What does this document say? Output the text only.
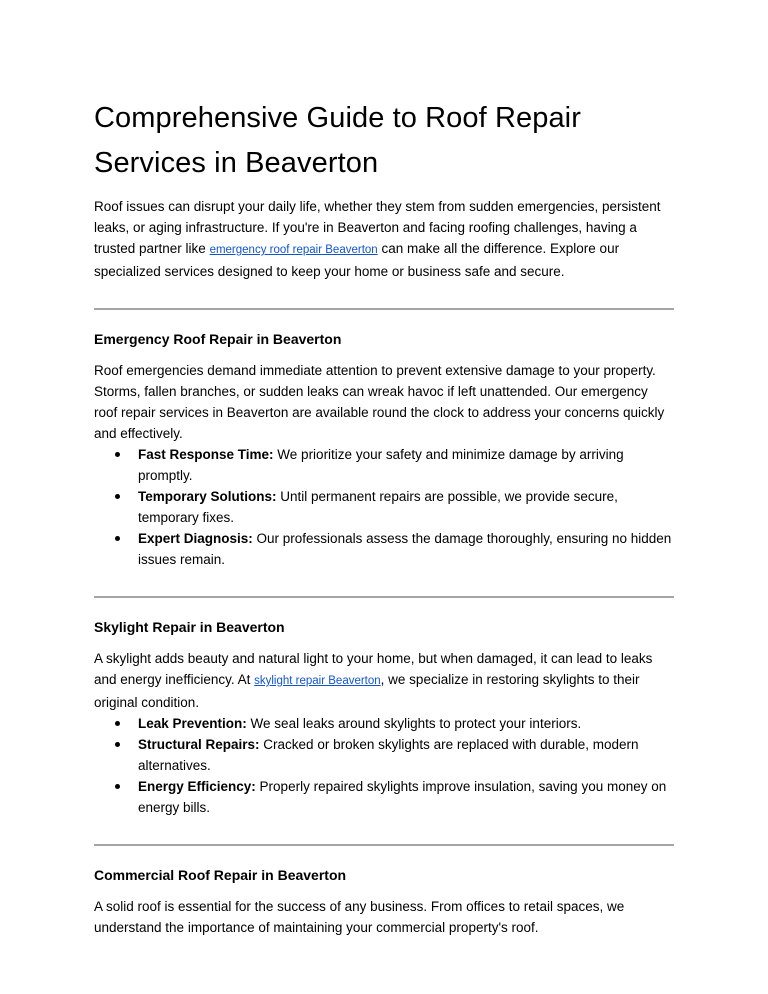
Comprehensive Guide to Roof Repair Services in Beaverton

Roof issues can disrupt your daily life, whether they stem from sudden emergencies, persistent leaks, or aging infrastructure. If you're in Beaverton and facing roofing challenges, having a trusted partner like emergency roof repair Beaverton can make all the difference. Explore our specialized services designed to keep your home or business safe and secure.

Emergency Roof Repair in Beaverton

Roof emergencies demand immediate attention to prevent extensive damage to your property. Storms, fallen branches, or sudden leaks can wreak havoc if left unattended. Our emergency roof repair services in Beaverton are available round the clock to address your concerns quickly and effectively.

Fast Response Time: We prioritize your safety and minimize damage by arriving promptly.
Temporary Solutions: Until permanent repairs are possible, we provide secure, temporary fixes.
Expert Diagnosis: Our professionals assess the damage thoroughly, ensuring no hidden issues remain.
Skylight Repair in Beaverton

A skylight adds beauty and natural light to your home, but when damaged, it can lead to leaks and energy inefficiency. At skylight repair Beaverton, we specialize in restoring skylights to their original condition.

Leak Prevention: We seal leaks around skylights to protect your interiors.
Structural Repairs: Cracked or broken skylights are replaced with durable, modern alternatives.
Energy Efficiency: Properly repaired skylights improve insulation, saving you money on energy bills.
Commercial Roof Repair in Beaverton

A solid roof is essential for the success of any business. From offices to retail spaces, we understand the importance of maintaining your commercial property's roof.
